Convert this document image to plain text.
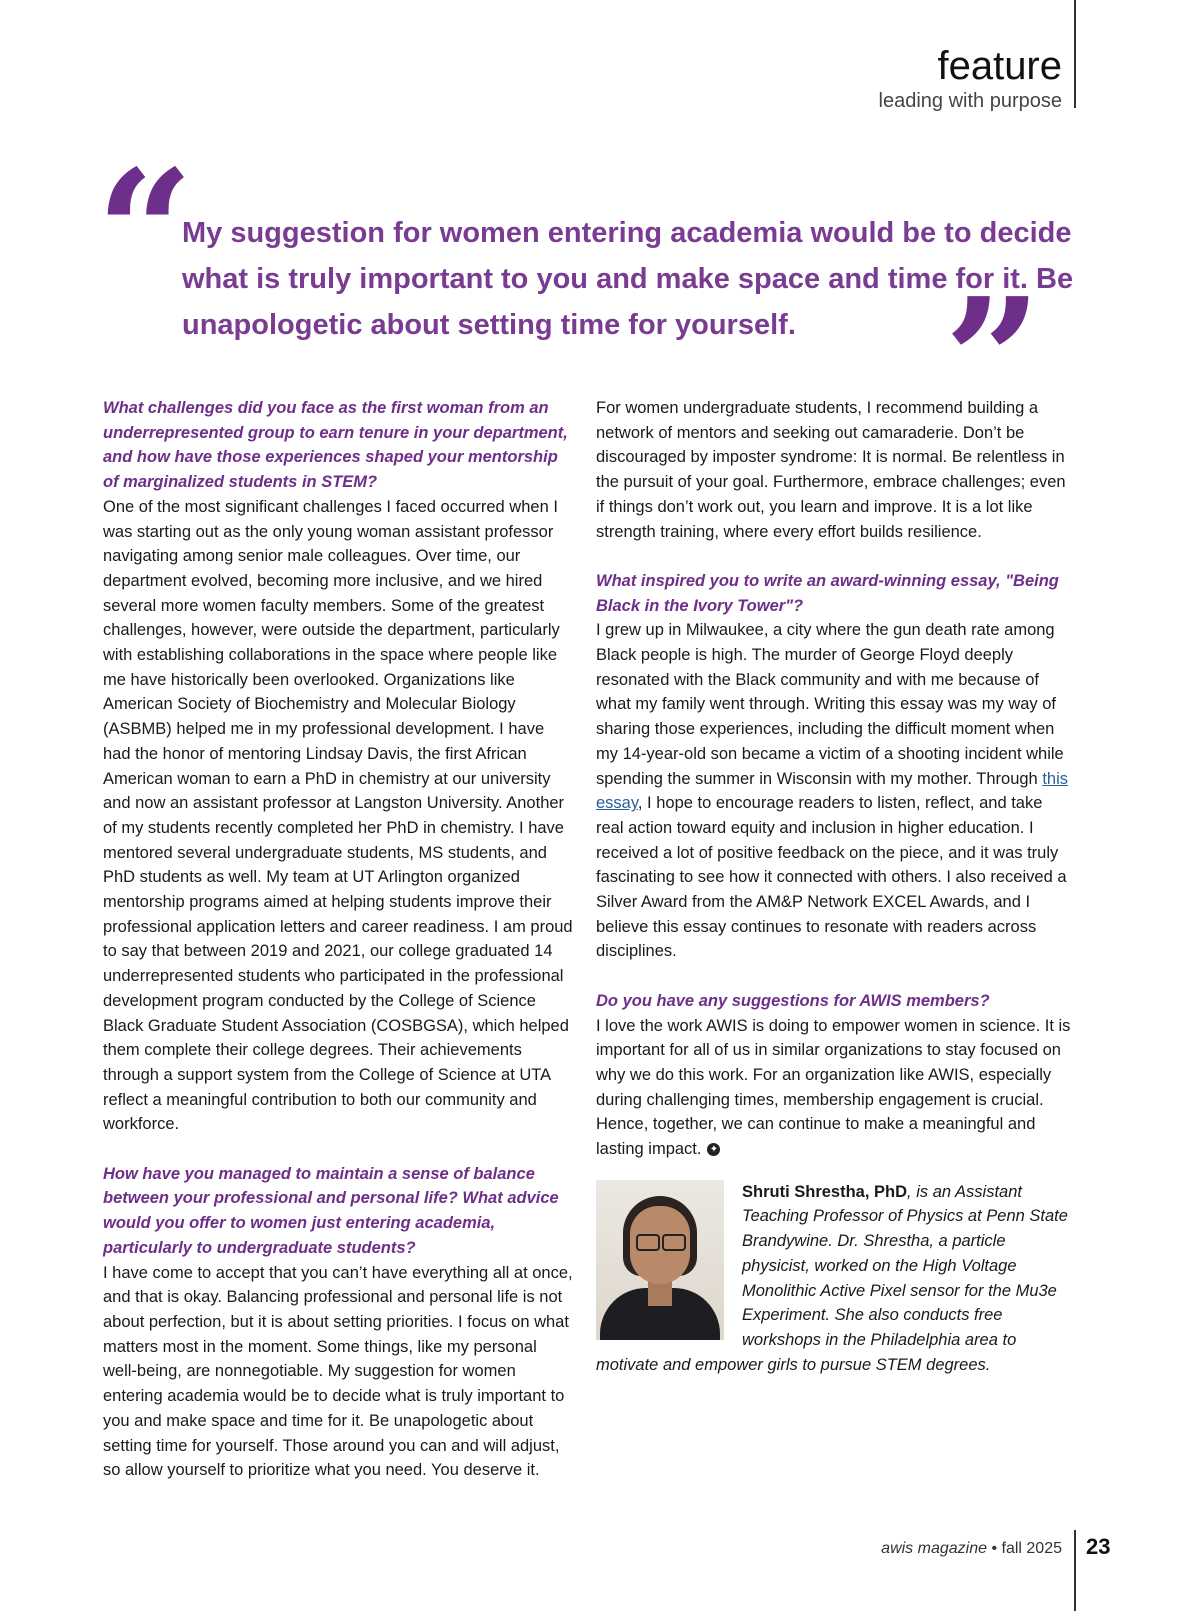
feature
leading with purpose
“
My suggestion for women entering academia would be to decide what is truly important to you and make space and time for it. Be unapologetic about setting time for yourself. ”

What challenges did you face as the first woman from an underrepresented group to earn tenure in your department, and how have those experiences shaped your mentorship of marginalized students in STEM?

One of the most significant challenges I faced occurred when I was starting out as the only young woman assistant professor navigating among senior male colleagues. Over time, our department evolved, becoming more inclusive, and we hired several more women faculty members. Some of the greatest challenges, however, were outside the department, particularly with establishing collaborations in the space where people like me have historically been overlooked. Organizations like American Society of Biochemistry and Molecular Biology (ASBMB) helped me in my professional development. I have had the honor of mentoring Lindsay Davis, the first African American woman to earn a PhD in chemistry at our university and now an assistant professor at Langston University. Another of my students recently completed her PhD in chemistry. I have mentored several undergraduate students, MS students, and PhD students as well. My team at UT Arlington organized mentorship programs aimed at helping students improve their professional application letters and career readiness. I am proud to say that between 2019 and 2021, our college graduated 14 underrepresented students who participated in the professional development program conducted by the College of Science Black Graduate Student Association (COSBGSA), which helped them complete their college degrees. Their achievements through a support system from the College of Science at UTA reflect a meaningful contribution to both our community and workforce.

How have you managed to maintain a sense of balance between your professional and personal life? What advice would you offer to women just entering academia, particularly to undergraduate students?

I have come to accept that you can’t have everything all at once, and that is okay. Balancing professional and personal life is not about perfection, but it is about setting priorities. I focus on what matters most in the moment. Some things, like my personal well-being, are nonnegotiable. My suggestion for women entering academia would be to decide what is truly important to you and make space and time for it. Be unapologetic about setting time for yourself. Those around you can and will adjust, so allow yourself to prioritize what you need. You deserve it.

For women undergraduate students, I recommend building a network of mentors and seeking out camaraderie. Don’t be discouraged by imposter syndrome: It is normal. Be relentless in the pursuit of your goal. Furthermore, embrace challenges; even if things don’t work out, you learn and improve. It is a lot like strength training, where every effort builds resilience.

What inspired you to write an award-winning essay, "Being Black in the Ivory Tower"?

I grew up in Milwaukee, a city where the gun death rate among Black people is high. The murder of George Floyd deeply resonated with the Black community and with me because of what my family went through. Writing this essay was my way of sharing those experiences, including the difficult moment when my 14-year-old son became a victim of a shooting incident while spending the summer in Wisconsin with my mother. Through this essay, I hope to encourage readers to listen, reflect, and take real action toward equity and inclusion in higher education. I received a lot of positive feedback on the piece, and it was truly fascinating to see how it connected with others. I also received a Silver Award from the AM&P Network EXCEL Awards, and I believe this essay continues to resonate with readers across disciplines.

Do you have any suggestions for AWIS members?

I love the work AWIS is doing to empower women in science. It is important for all of us in similar organizations to stay focused on why we do this work. For an organization like AWIS, especially during challenging times, membership engagement is crucial. Hence, together, we can continue to make a meaningful and lasting impact. ✦

Shruti Shrestha, PhD, is an Assistant Teaching Professor of Physics at Penn State Brandywine. Dr. Shrestha, a particle physicist, worked on the High Voltage Monolithic Active Pixel sensor for the Mu3e Experiment. She also conducts free workshops in the Philadelphia area to motivate and empower girls to pursue STEM degrees.

awis magazine • fall 2025 23
